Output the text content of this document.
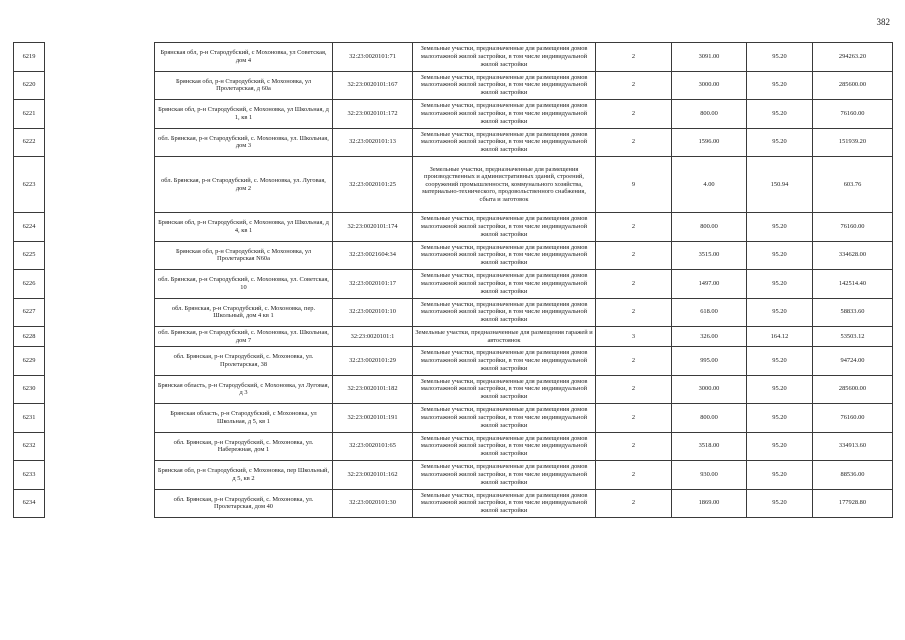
382
6219		Брянская обл, р-н Стародубский, с Мохоновка, ул Советская, дом 4	32:23:0020101:71	Земельные участки, предназначенные для размещения домов малоэтажной жилой застройки, в том числе индивидуальной жилой застройки	2	3091.00	95.20	294263.20
6220		Брянская обл, р-н Стародубский, с Мохоновка, ул Пролетарская, д 60а	32:23:0020101:167	Земельные участки, предназначенные для размещения домов малоэтажной жилой застройки, в том числе индивидуальной жилой застройки	2	3000.00	95.20	285600.00
6221		Брянская обл, р-н Стародубский, с Мохоновка, ул Школьная, д 1, кв 1	32:23:0020101:172	Земельные участки, предназначенные для размещения домов малоэтажной жилой застройки, в том числе индивидуальной жилой застройки	2	800.00	95.20	76160.00
6222		обл. Брянская, р-н Стародубский, с. Мохоновка, ул. Школьная, дом 3	32:23:0020101:13	Земельные участки, предназначенные для размещения домов малоэтажной жилой застройки, в том числе индивидуальной жилой застройки	2	1596.00	95.20	151939.20
6223		обл. Брянская, р-н Стародубский, с. Мохоновка, ул. Луговая, дом 2	32:23:0020101:25	Земельные участки, предназначенные для размещения производственных и административных зданий, строений, сооружений промышленности, коммунального хозяйства, материально-технического, продовольственного снабжения, сбыта и заготовок	9	4.00	150.94	603.76
6224		Брянская обл, р-н Стародубский, с Мохоновка, ул Школьная, д 4, кв 1	32:23:0020101:174	Земельные участки, предназначенные для размещения домов малоэтажной жилой застройки, в том числе индивидуальной жилой застройки	2	800.00	95.20	76160.00
6225		Брянская обл, р-н Стародубский, с Мохоновка, ул Пролетарская N60a	32:23:0021604:34	Земельные участки, предназначенные для размещения домов малоэтажной жилой застройки, в том числе индивидуальной жилой застройки	2	3515.00	95.20	334628.00
6226		обл. Брянская, р-н Стародубский, с. Мохоновка, ул. Советская, 10	32:23:0020101:17	Земельные участки, предназначенные для размещения домов малоэтажной жилой застройки, в том числе индивидуальной жилой застройки	2	1497.00	95.20	142514.40
6227		обл. Брянская, р-н Стародубский, с. Мохоновка, пер. Школьный, дом 4 кв 1	32:23:0020101:10	Земельные участки, предназначенные для размещения домов малоэтажной жилой застройки, в том числе индивидуальной жилой застройки	2	618.00	95.20	58833.60
6228		обл. Брянская, р-н Стародубский, с. Мохоновка, ул. Школьная, дом 7	32:23:0020101:1	Земельные участки, предназначенные для размещения гаражей и автостоянок	3	326.00	164.12	53503.12
6229		обл. Брянская, р-н Стародубский, с. Мохоновка, ул. Пролетарская, 38	32:23:0020101:29	Земельные участки, предназначенные для размещения домов малоэтажной жилой застройки, в том числе индивидуальной жилой застройки	2	995.00	95.20	94724.00
6230		Брянская область, р-н Стародубский, с Мохоновка, ул Луговая, д 3	32:23:0020101:182	Земельные участки, предназначенные для размещения домов малоэтажной жилой застройки, в том числе индивидуальной жилой застройки	2	3000.00	95.20	285600.00
6231		Брянская область, р-н Стародубский, с Мохоновка, ул Школьная, д 5, кв 1	32:23:0020101:191	Земельные участки, предназначенные для размещения домов малоэтажной жилой застройки, в том числе индивидуальной жилой застройки	2	800.00	95.20	76160.00
6232		обл. Брянская, р-н Стародубский, с. Мохоновка, ул. Набережная, дом 1	32:23:0020101:65	Земельные участки, предназначенные для размещения домов малоэтажной жилой застройки, в том числе индивидуальной жилой застройки	2	3518.00	95.20	334913.60
6233		Брянская обл, р-н Стародубский, с Мохоновка, пер Школьный, д 5, кв 2	32:23:0020101:162	Земельные участки, предназначенные для размещения домов малоэтажной жилой застройки, в том числе индивидуальной жилой застройки	2	930.00	95.20	88536.00
6234		обл. Брянская, р-н Стародубский, с. Мохоновка, ул. Пролетарская, дом 40	32:23:0020101:30	Земельные участки, предназначенные для размещения домов малоэтажной жилой застройки, в том числе индивидуальной жилой застройки	2	1869.00	95.20	177928.80
